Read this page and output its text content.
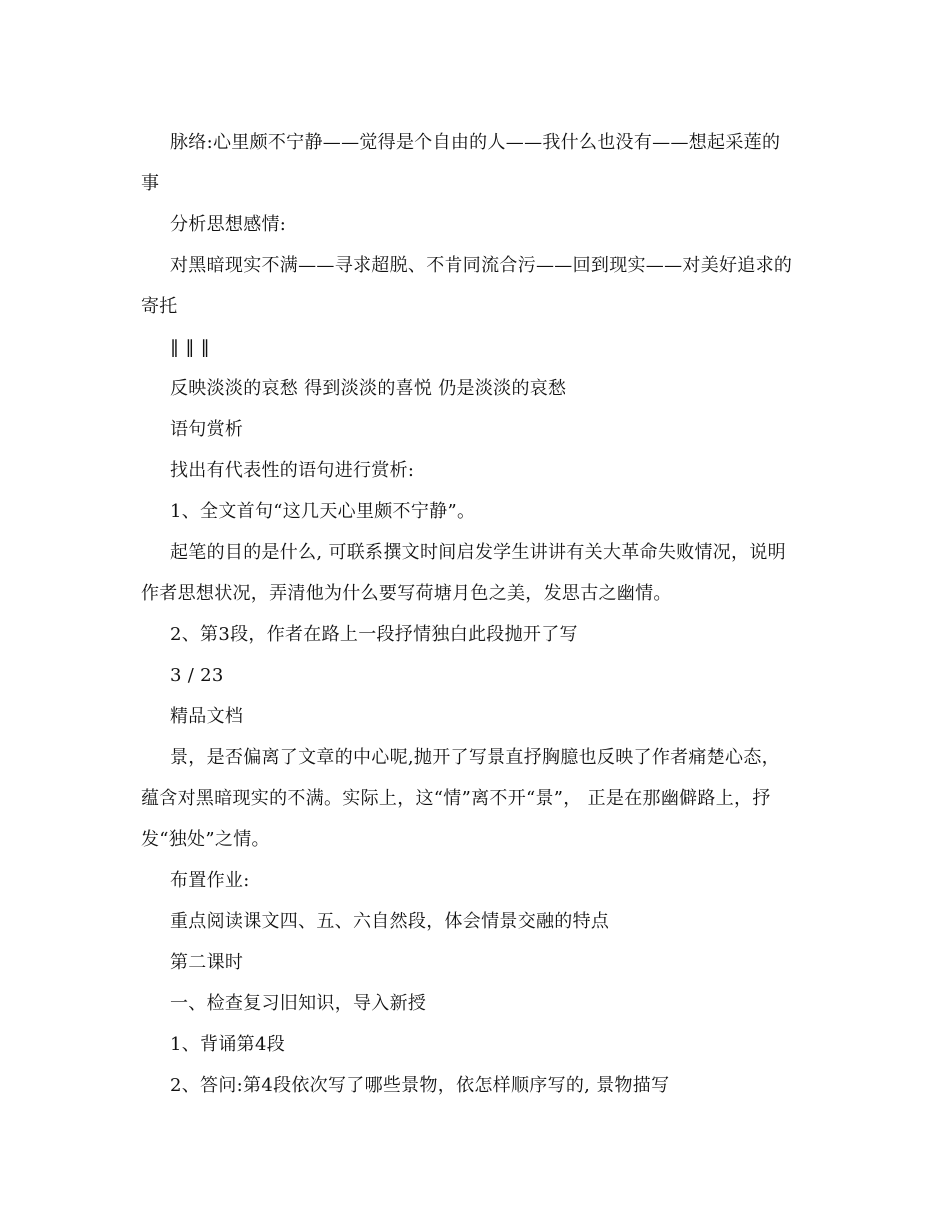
脉络:心里颇不宁静——觉得是个自由的人——我什么也没有——想起采莲的
事
分析思想感情:
对黑暗现实不满——寻求超脱、不肯同流合污——回到现实——对美好追求的
寄托
‖ ‖ ‖
反映淡淡的哀愁 得到淡淡的喜悦 仍是淡淡的哀愁
语句赏析
找出有代表性的语句进行赏析:
1、全文首句“这几天心里颇不宁静”。
起笔的目的是什么, 可联系撰文时间启发学生讲讲有关大革命失败情况，说明
作者思想状况，弄清他为什么要写荷塘月色之美，发思古之幽情。
2、第3段，作者在路上一段抒情独白此段抛开了写
3 / 23
精品文档
景，是否偏离了文章的中心呢,抛开了写景直抒胸臆也反映了作者痛楚心态，
蕴含对黑暗现实的不满。实际上，这“情”离不开“景”， 正是在那幽僻路上，抒
发“独处”之情。
布置作业:
重点阅读课文四、五、六自然段，体会情景交融的特点
第二课时
一、检查复习旧知识，导入新授
1、背诵第4段
2、答问:第4段依次写了哪些景物，依怎样顺序写的, 景物描写
